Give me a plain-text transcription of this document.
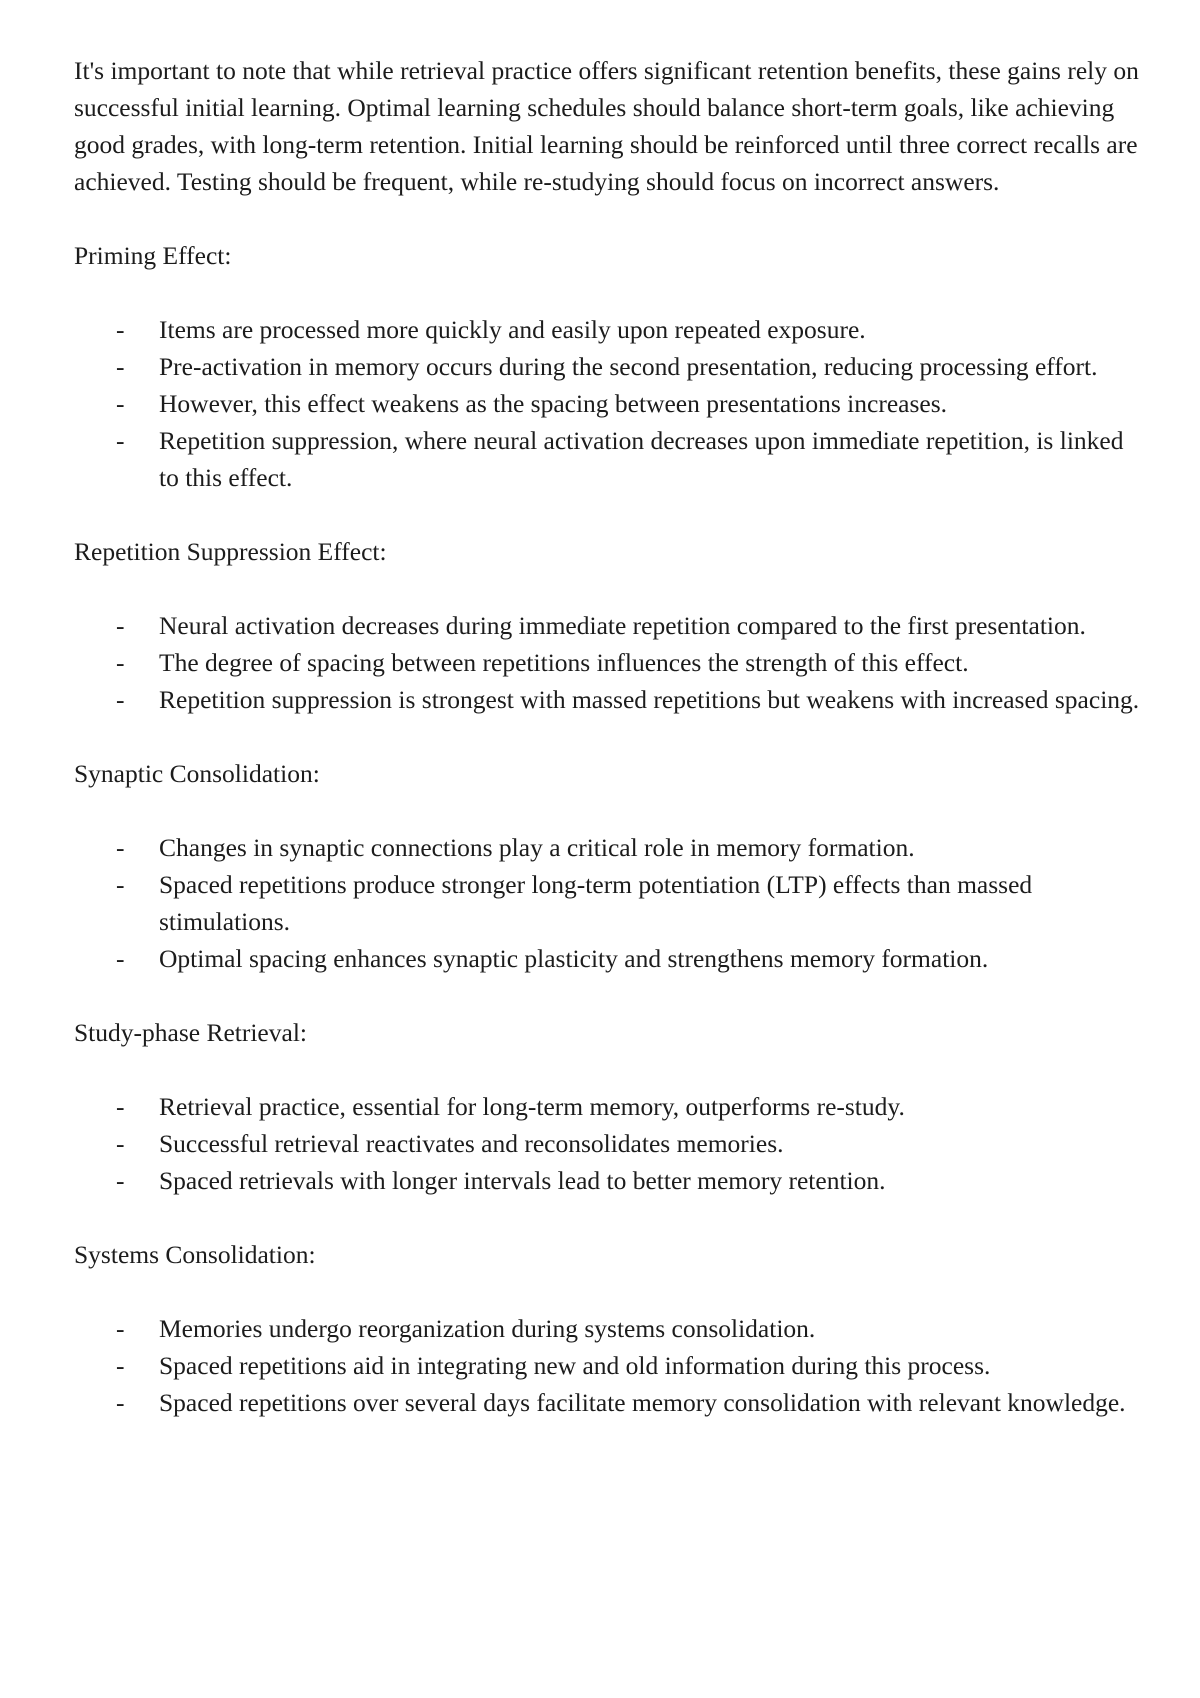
It's important to note that while retrieval practice offers significant retention benefits, these gains rely on successful initial learning. Optimal learning schedules should balance short-term goals, like achieving good grades, with long-term retention. Initial learning should be reinforced until three correct recalls are achieved. Testing should be frequent, while re-studying should focus on incorrect answers.

Priming Effect:

- Items are processed more quickly and easily upon repeated exposure.
- Pre-activation in memory occurs during the second presentation, reducing processing effort.
- However, this effect weakens as the spacing between presentations increases.
- Repetition suppression, where neural activation decreases upon immediate repetition, is linked to this effect.

Repetition Suppression Effect:

- Neural activation decreases during immediate repetition compared to the first presentation.
- The degree of spacing between repetitions influences the strength of this effect.
- Repetition suppression is strongest with massed repetitions but weakens with increased spacing.

Synaptic Consolidation:

- Changes in synaptic connections play a critical role in memory formation.
- Spaced repetitions produce stronger long-term potentiation (LTP) effects than massed stimulations.
- Optimal spacing enhances synaptic plasticity and strengthens memory formation.

Study-phase Retrieval:

- Retrieval practice, essential for long-term memory, outperforms re-study.
- Successful retrieval reactivates and reconsolidates memories.
- Spaced retrievals with longer intervals lead to better memory retention.

Systems Consolidation:

- Memories undergo reorganization during systems consolidation.
- Spaced repetitions aid in integrating new and old information during this process.
- Spaced repetitions over several days facilitate memory consolidation with relevant knowledge.
